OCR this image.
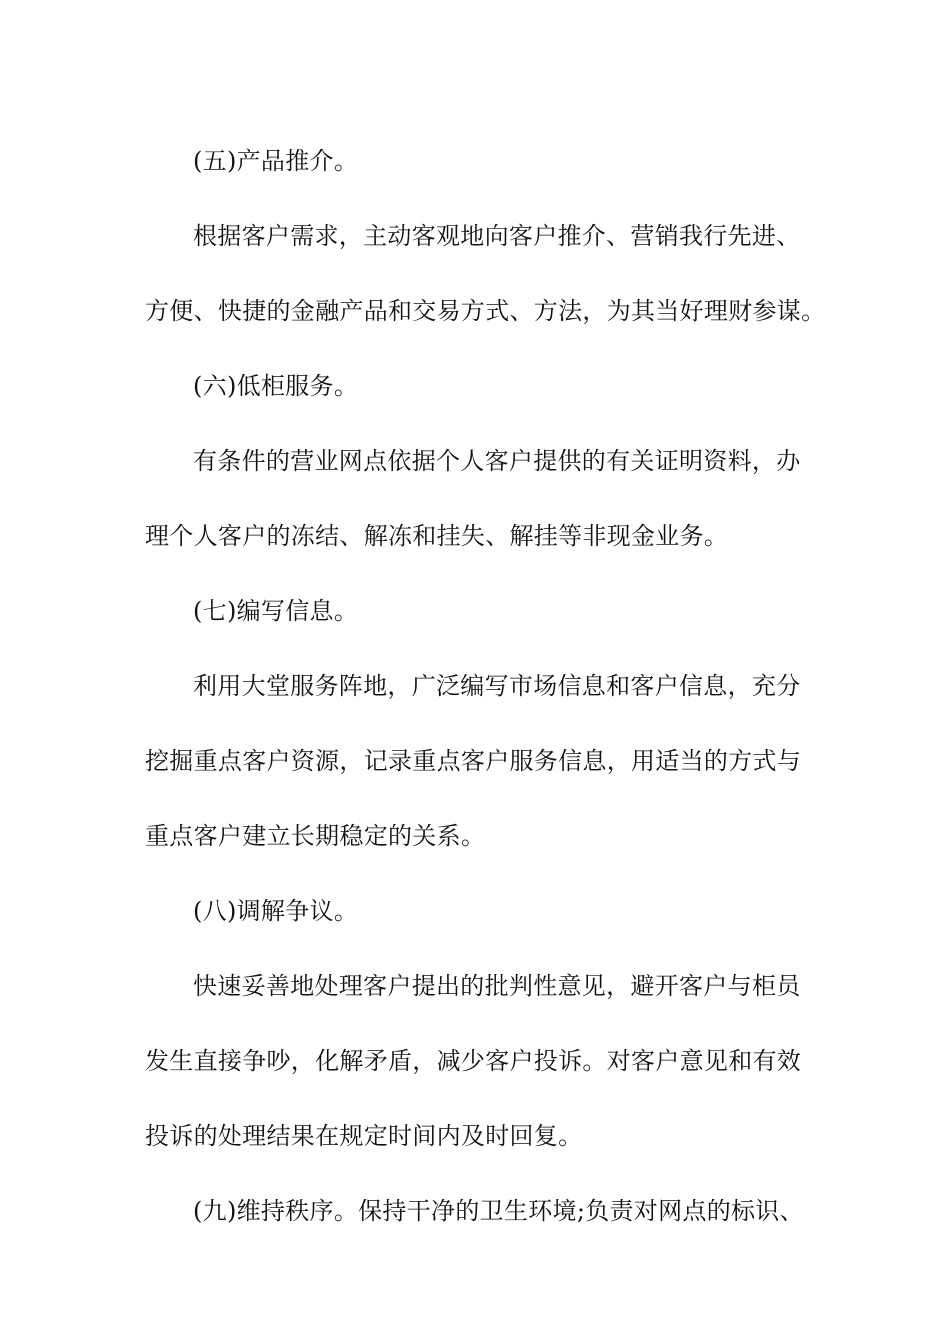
(五)产品推介。
根据客户需求，主动客观地向客户推介、营销我行先进、
方便、快捷的金融产品和交易方式、方法，为其当好理财参谋。
(六)低柜服务。
有条件的营业网点依据个人客户提供的有关证明资料，办
理个人客户的冻结、解冻和挂失、解挂等非现金业务。
(七)编写信息。
利用大堂服务阵地，广泛编写市场信息和客户信息，充分
挖掘重点客户资源，记录重点客户服务信息，用适当的方式与
重点客户建立长期稳定的关系。
(八)调解争议。
快速妥善地处理客户提出的批判性意见，避开客户与柜员
发生直接争吵，化解矛盾，减少客户投诉。对客户意见和有效
投诉的处理结果在规定时间内及时回复。
(九)维持秩序。保持干净的卫生环境;负责对网点的标识、
